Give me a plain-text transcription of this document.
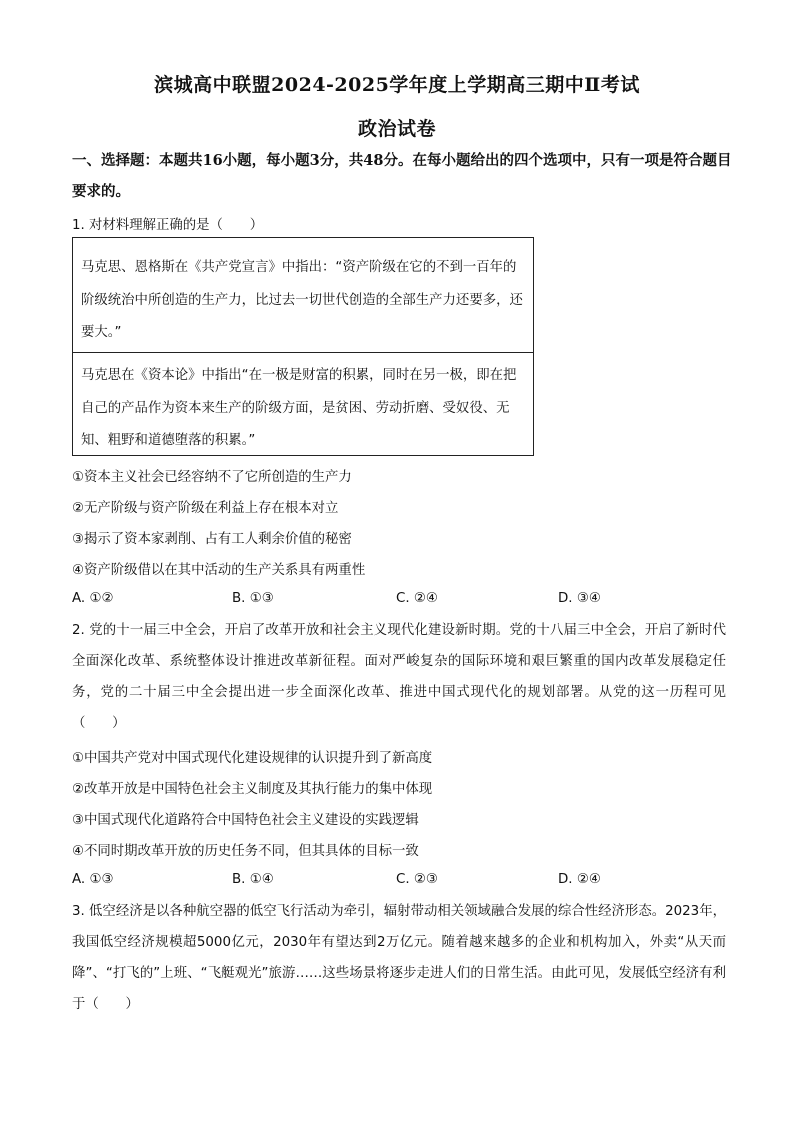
滨城高中联盟2024-2025学年度上学期高三期中Ⅱ考试
政治试卷
一、选择题：本题共16小题，每小题3分，共48分。在每小题给出的四个选项中，只有一项是符合题目要求的。
1. 对材料理解正确的是（　　）
马克思、恩格斯在《共产党宣言》中指出：“资产阶级在它的不到一百年的阶级统治中所创造的生产力，比过去一切世代创造的全部生产力还要多，还要大。”
马克思在《资本论》中指出“在一极是财富的积累，同时在另一极，即在把自己的产品作为资本来生产的阶级方面，是贫困、劳动折磨、受奴役、无知、粗野和道德堕落的积累。”
①资本主义社会已经容纳不了它所创造的生产力
②无产阶级与资产阶级在利益上存在根本对立
③揭示了资本家剥削、占有工人剩余价值的秘密
④资产阶级借以在其中活动的生产关系具有两重性
A. ①②	B. ①③	C. ②④	D. ③④
2. 党的十一届三中全会，开启了改革开放和社会主义现代化建设新时期。党的十八届三中全会，开启了新时代全面深化改革、系统整体设计推进改革新征程。面对严峻复杂的国际环境和艰巨繁重的国内改革发展稳定任务，党的二十届三中全会提出进一步全面深化改革、推进中国式现代化的规划部署。从党的这一历程可见（　　）
①中国共产党对中国式现代化建设规律的认识提升到了新高度
②改革开放是中国特色社会主义制度及其执行能力的集中体现
③中国式现代化道路符合中国特色社会主义建设的实践逻辑
④不同时期改革开放的历史任务不同，但其具体的目标一致
A. ①③	B. ①④	C. ②③	D. ②④
3. 低空经济是以各种航空器的低空飞行活动为牵引，辐射带动相关领域融合发展的综合性经济形态。2023年，我国低空经济规模超5000亿元，2030年有望达到2万亿元。随着越来越多的企业和机构加入，外卖“从天而降”、“打飞的”上班、“飞艇观光”旅游……这些场景将逐步走进人们的日常生活。由此可见，发展低空经济有利于（　　）
